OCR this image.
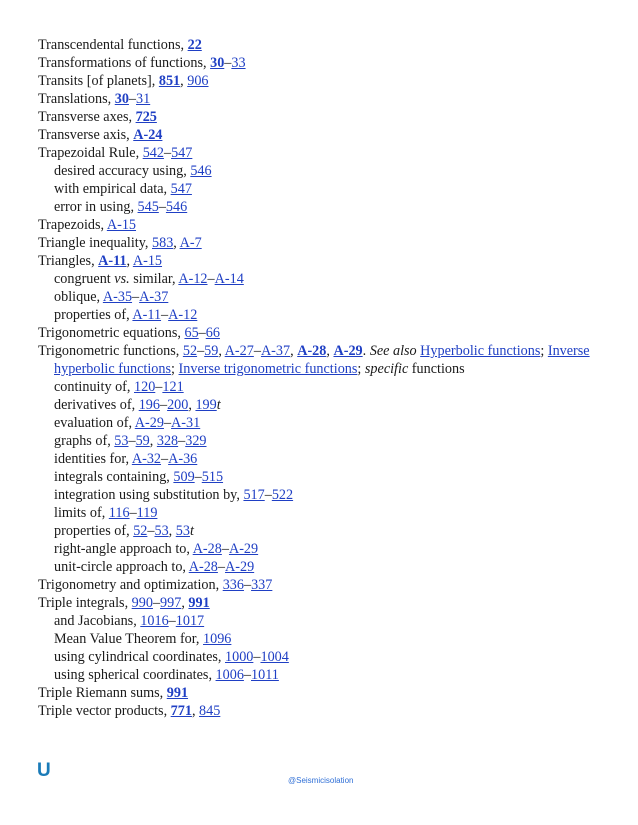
Transcendental functions, 22

Transformations of functions, 30–33

Transits [of planets], 851, 906

Translations, 30–31

Transverse axes, 725

Transverse axis, A-24

Trapezoidal Rule, 542–547

desired accuracy using, 546

with empirical data, 547

error in using, 545–546

Trapezoids, A-15

Triangle inequality, 583, A-7

Triangles, A-11, A-15

congruent vs. similar, A-12–A-14

oblique, A-35–A-37

properties of, A-11–A-12

Trigonometric equations, 65–66

Trigonometric functions, 52–59, A-27–A-37, A-28, A-29. See also Hyperbolic functions; Inverse hyperbolic functions; Inverse trigonometric functions; specific functions

continuity of, 120–121

derivatives of, 196–200, 199t

evaluation of, A-29–A-31

graphs of, 53–59, 328–329

identities for, A-32–A-36

integrals containing, 509–515

integration using substitution by, 517–522

limits of, 116–119

properties of, 52–53, 53t

right-angle approach to, A-28–A-29

unit-circle approach to, A-28–A-29

Trigonometry and optimization, 336–337

Triple integrals, 990–997, 991

and Jacobians, 1016–1017

Mean Value Theorem for, 1096

using cylindrical coordinates, 1000–1004

using spherical coordinates, 1006–1011

Triple Riemann sums, 991

Triple vector products, 771, 845

U	@Seismicisolation
